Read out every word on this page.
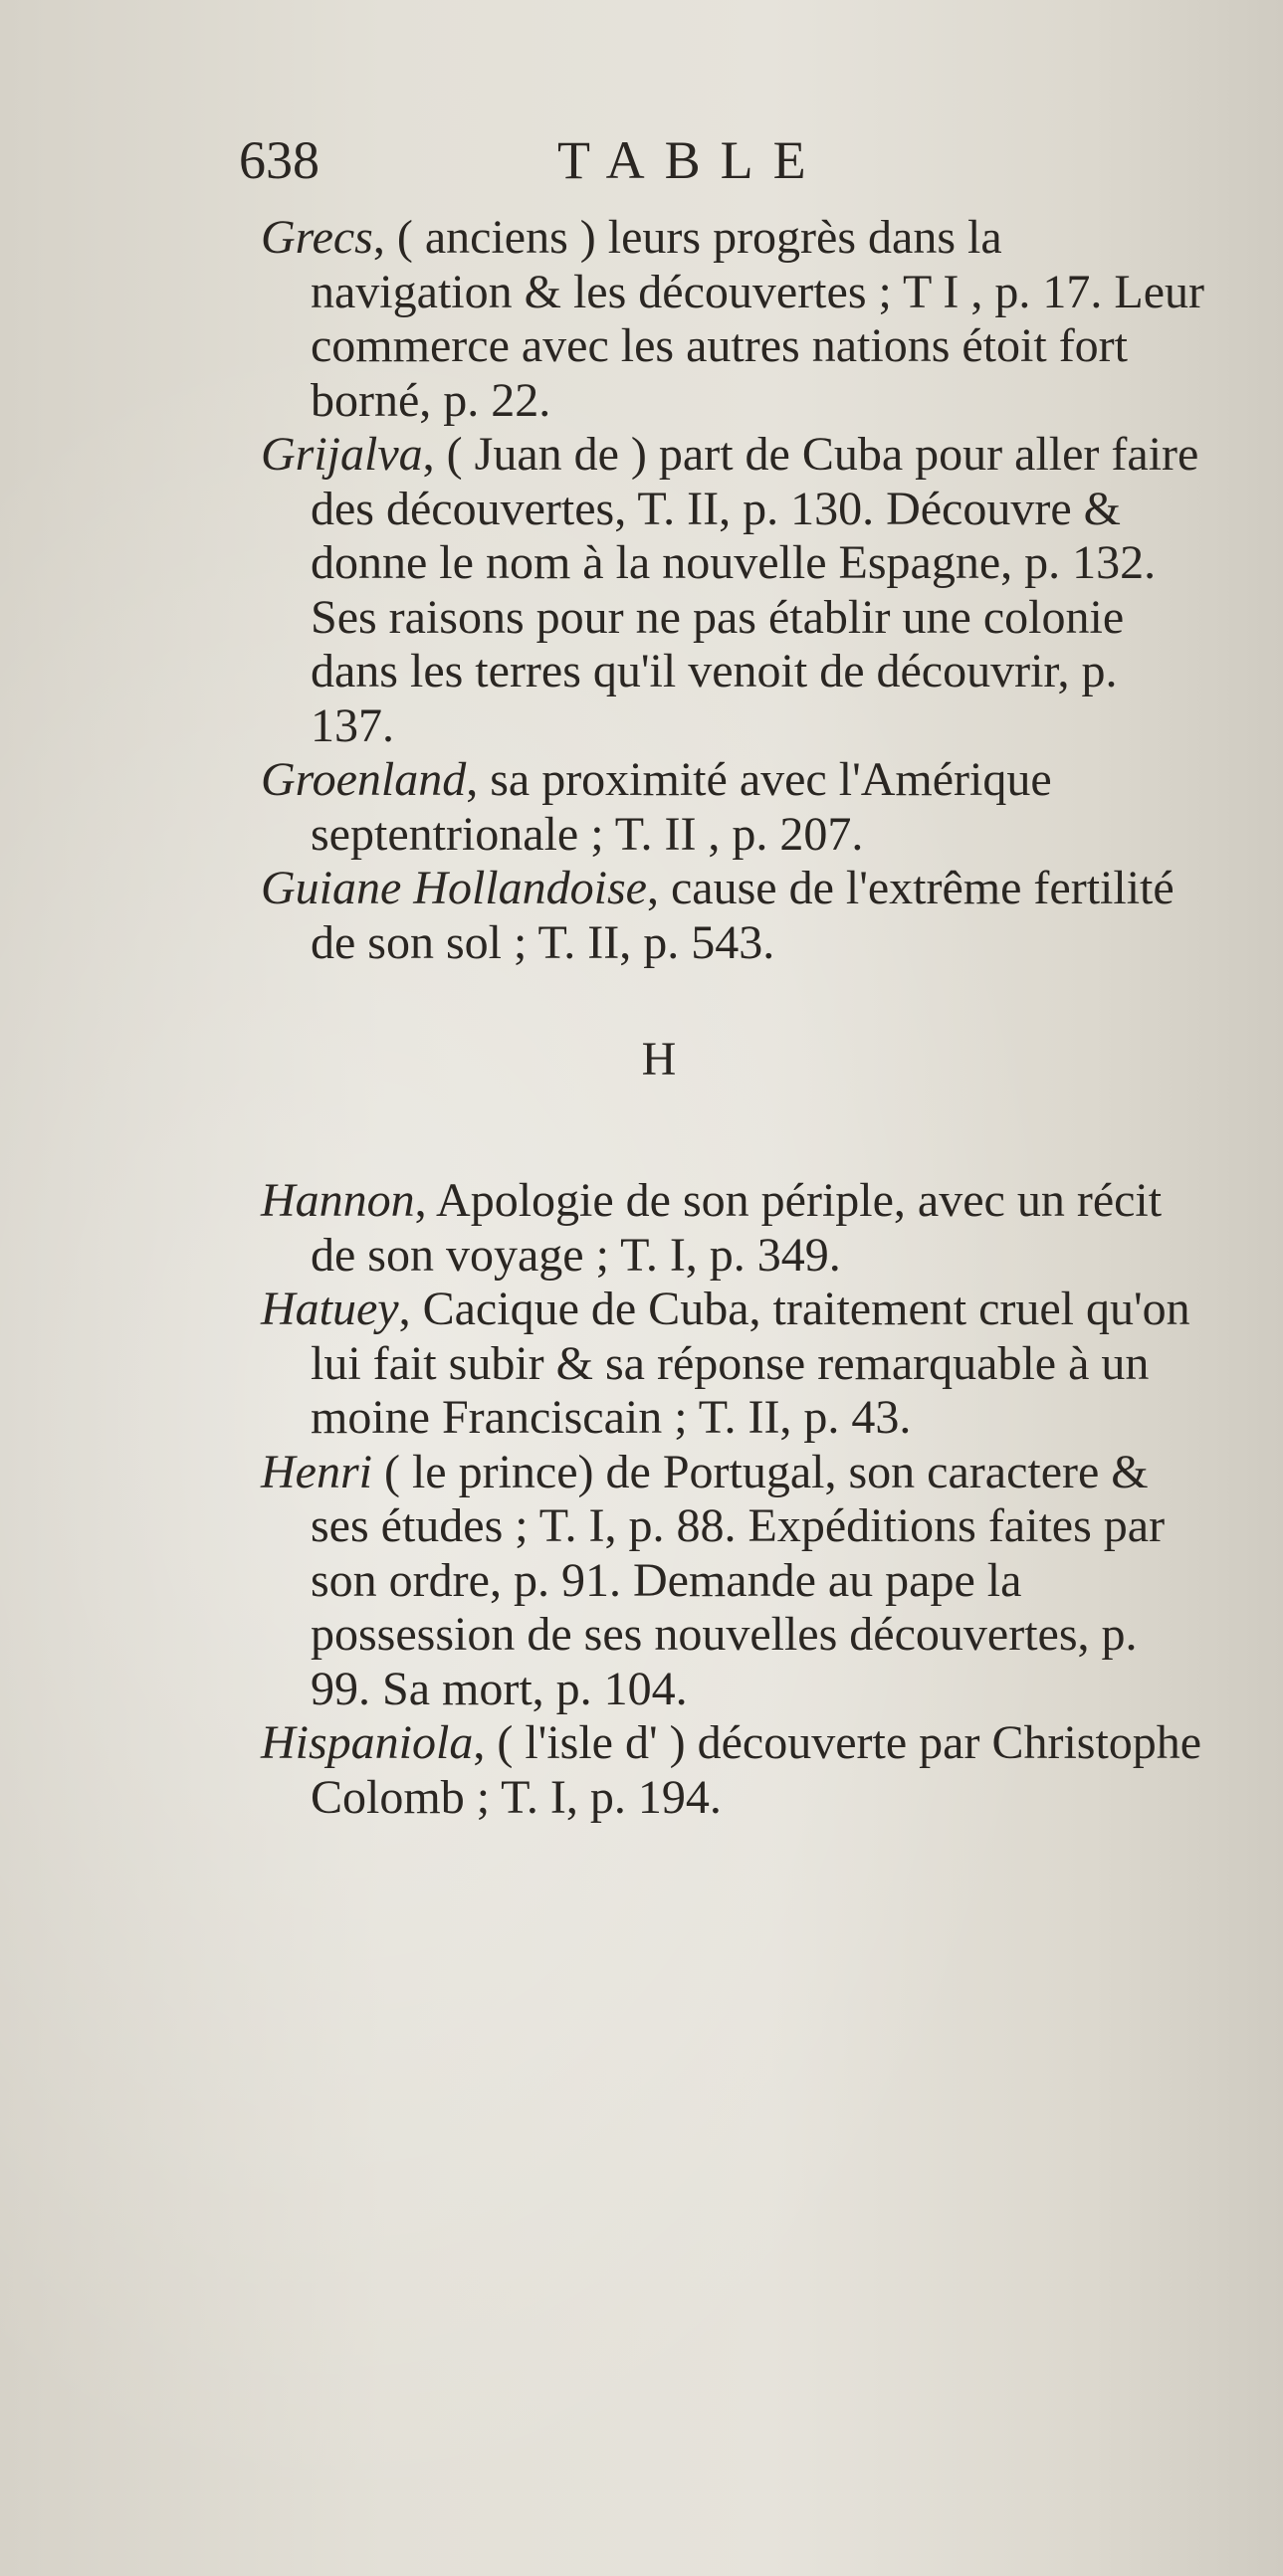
638	TABLE

Grecs, ( anciens ) leurs progrès dans la navigation & les découvertes ; T I , p. 17. Leur commerce avec les autres nations étoit fort borné, p. 22.

Grijalva, ( Juan de ) part de Cuba pour aller faire des découvertes, T. II, p. 130. Découvre & donne le nom à la nouvelle Espagne, p. 132. Ses raisons pour ne pas établir une colonie dans les terres qu'il venoit de découvrir, p. 137.

Groenland, sa proximité avec l'Amérique septentrionale ; T. II , p. 207.

Guiane Hollandoise, cause de l'extrême fertilité de son sol ; T. II, p. 543.

H

Hannon, Apologie de son périple, avec un récit de son voyage ; T. I, p. 349.

Hatuey, Cacique de Cuba, traitement cruel qu'on lui fait subir & sa réponse remarquable à un moine Franciscain ; T. II, p. 43.

Henri ( le prince) de Portugal, son caractere & ses études ; T. I, p. 88. Expéditions faites par son ordre, p. 91. Demande au pape la possession de ses nouvelles découvertes, p. 99. Sa mort, p. 104.

Hispaniola, ( l'isle d' ) découverte par Christophe Colomb ; T. I, p. 194.
